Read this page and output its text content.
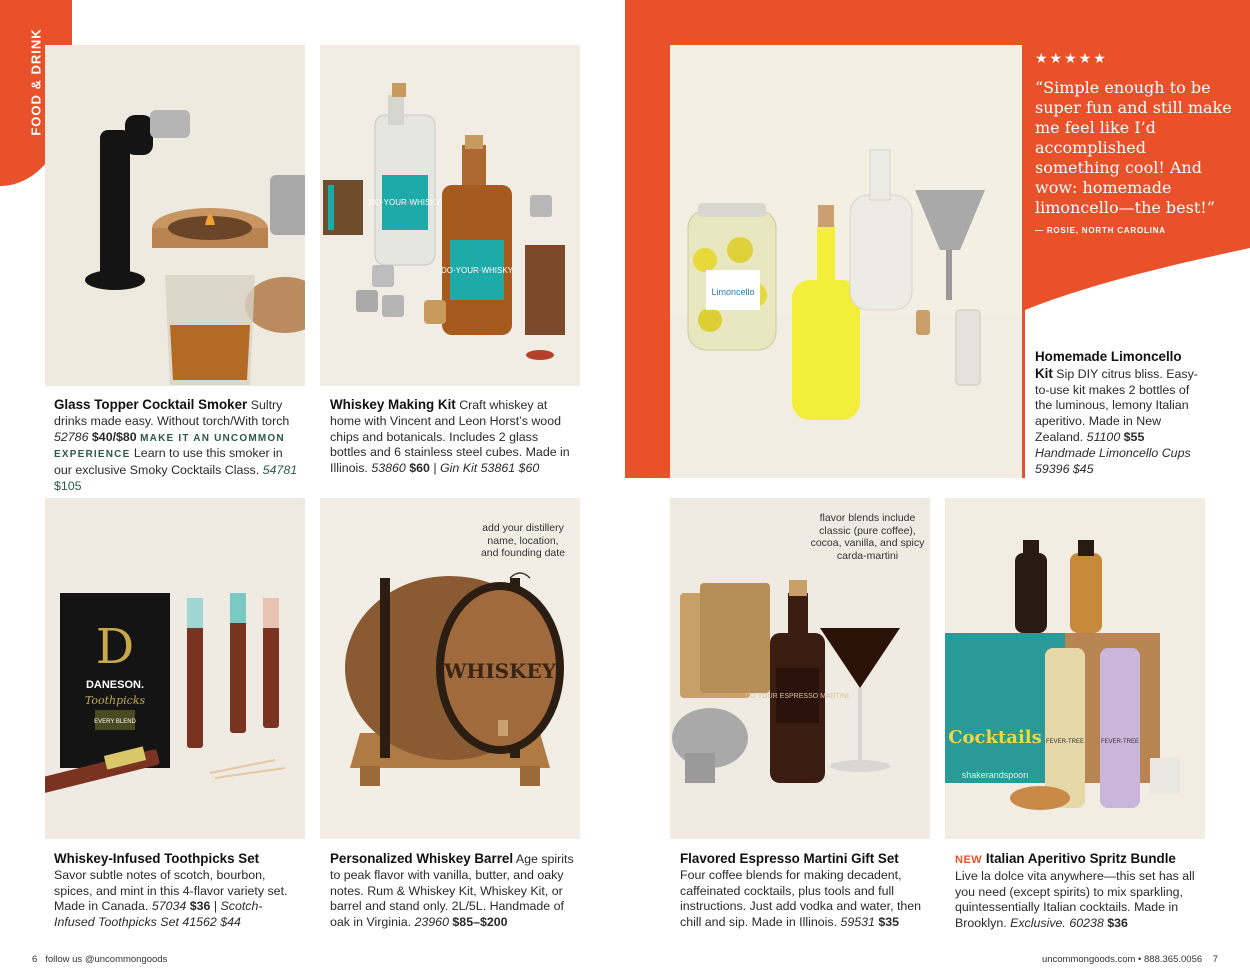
FOOD & DRINK
Glass Topper Cocktail Smoker Sultry drinks made easy. Without torch/With torch 52786 $40/$80 MAKE IT AN UNCOMMON EXPERIENCE Learn to use this smoker in our exclusive Smoky Cocktails Class. 54781 $105
DO·YOUR·WHISKY
DO·YOUR·WHISKY
Whiskey Making Kit Craft whiskey at home with Vincent and Leon Horst’s wood chips and botanicals. Includes 2 glass bottles and 6 stainless steel cubes. Made in Illinois. 53860 $60 | Gin Kit 53861 $60
Limoncello
★★★★★
“Simple enough to be super fun and still make me feel like I’d accomplished something cool! And wow: homemade limoncello—the best!”
— ROSIE, NORTH CAROLINA
Homemade Limoncello Kit Sip DIY citrus bliss. Easy-to-use kit makes 2 bottles of the luminous, lemony Italian aperitivo. Made in New Zealand. 51100 $55
Handmade Limoncello Cups 59396 $45
D
DANESON.
Toothpicks
EVERY BLEND
Whiskey-Infused Toothpicks Set Savor subtle notes of scotch, bourbon, spices, and mint in this 4-flavor variety set. Made in Canada. 57034 $36 | Scotch-Infused Toothpicks Set 41562 $44
WHISKEY
add your distillery name, location, and founding date
Personalized Whiskey Barrel Age spirits to peak flavor with vanilla, butter, and oaky notes. Rum & Whiskey Kit, Whiskey Kit, or barrel and stand only. 2L/5L. Handmade of oak in Virginia. 23960 $85–$200
DO YOUR ESPRESSO MARTINI
flavor blends include classic (pure coffee), cocoa, vanilla, and spicy carda-martini
Flavored Espresso Martini Gift Set Four coffee blends for making decadent, caffeinated cocktails, plus tools and full instructions. Just add vodka and water, then chill and sip. Made in Illinois. 59531 $35
Cocktails
shakerandspoon
FEVER-TREE	FEVER-TREE
NEW Italian Aperitivo Spritz Bundle Live la dolce vita anywhere—this set has all you need (except spirits) to mix sparkling, quintessentially Italian cocktails. Made in Brooklyn. Exclusive. 60238 $36
6 follow us @uncommongoods	uncommongoods.com • 888.365.0056 7
